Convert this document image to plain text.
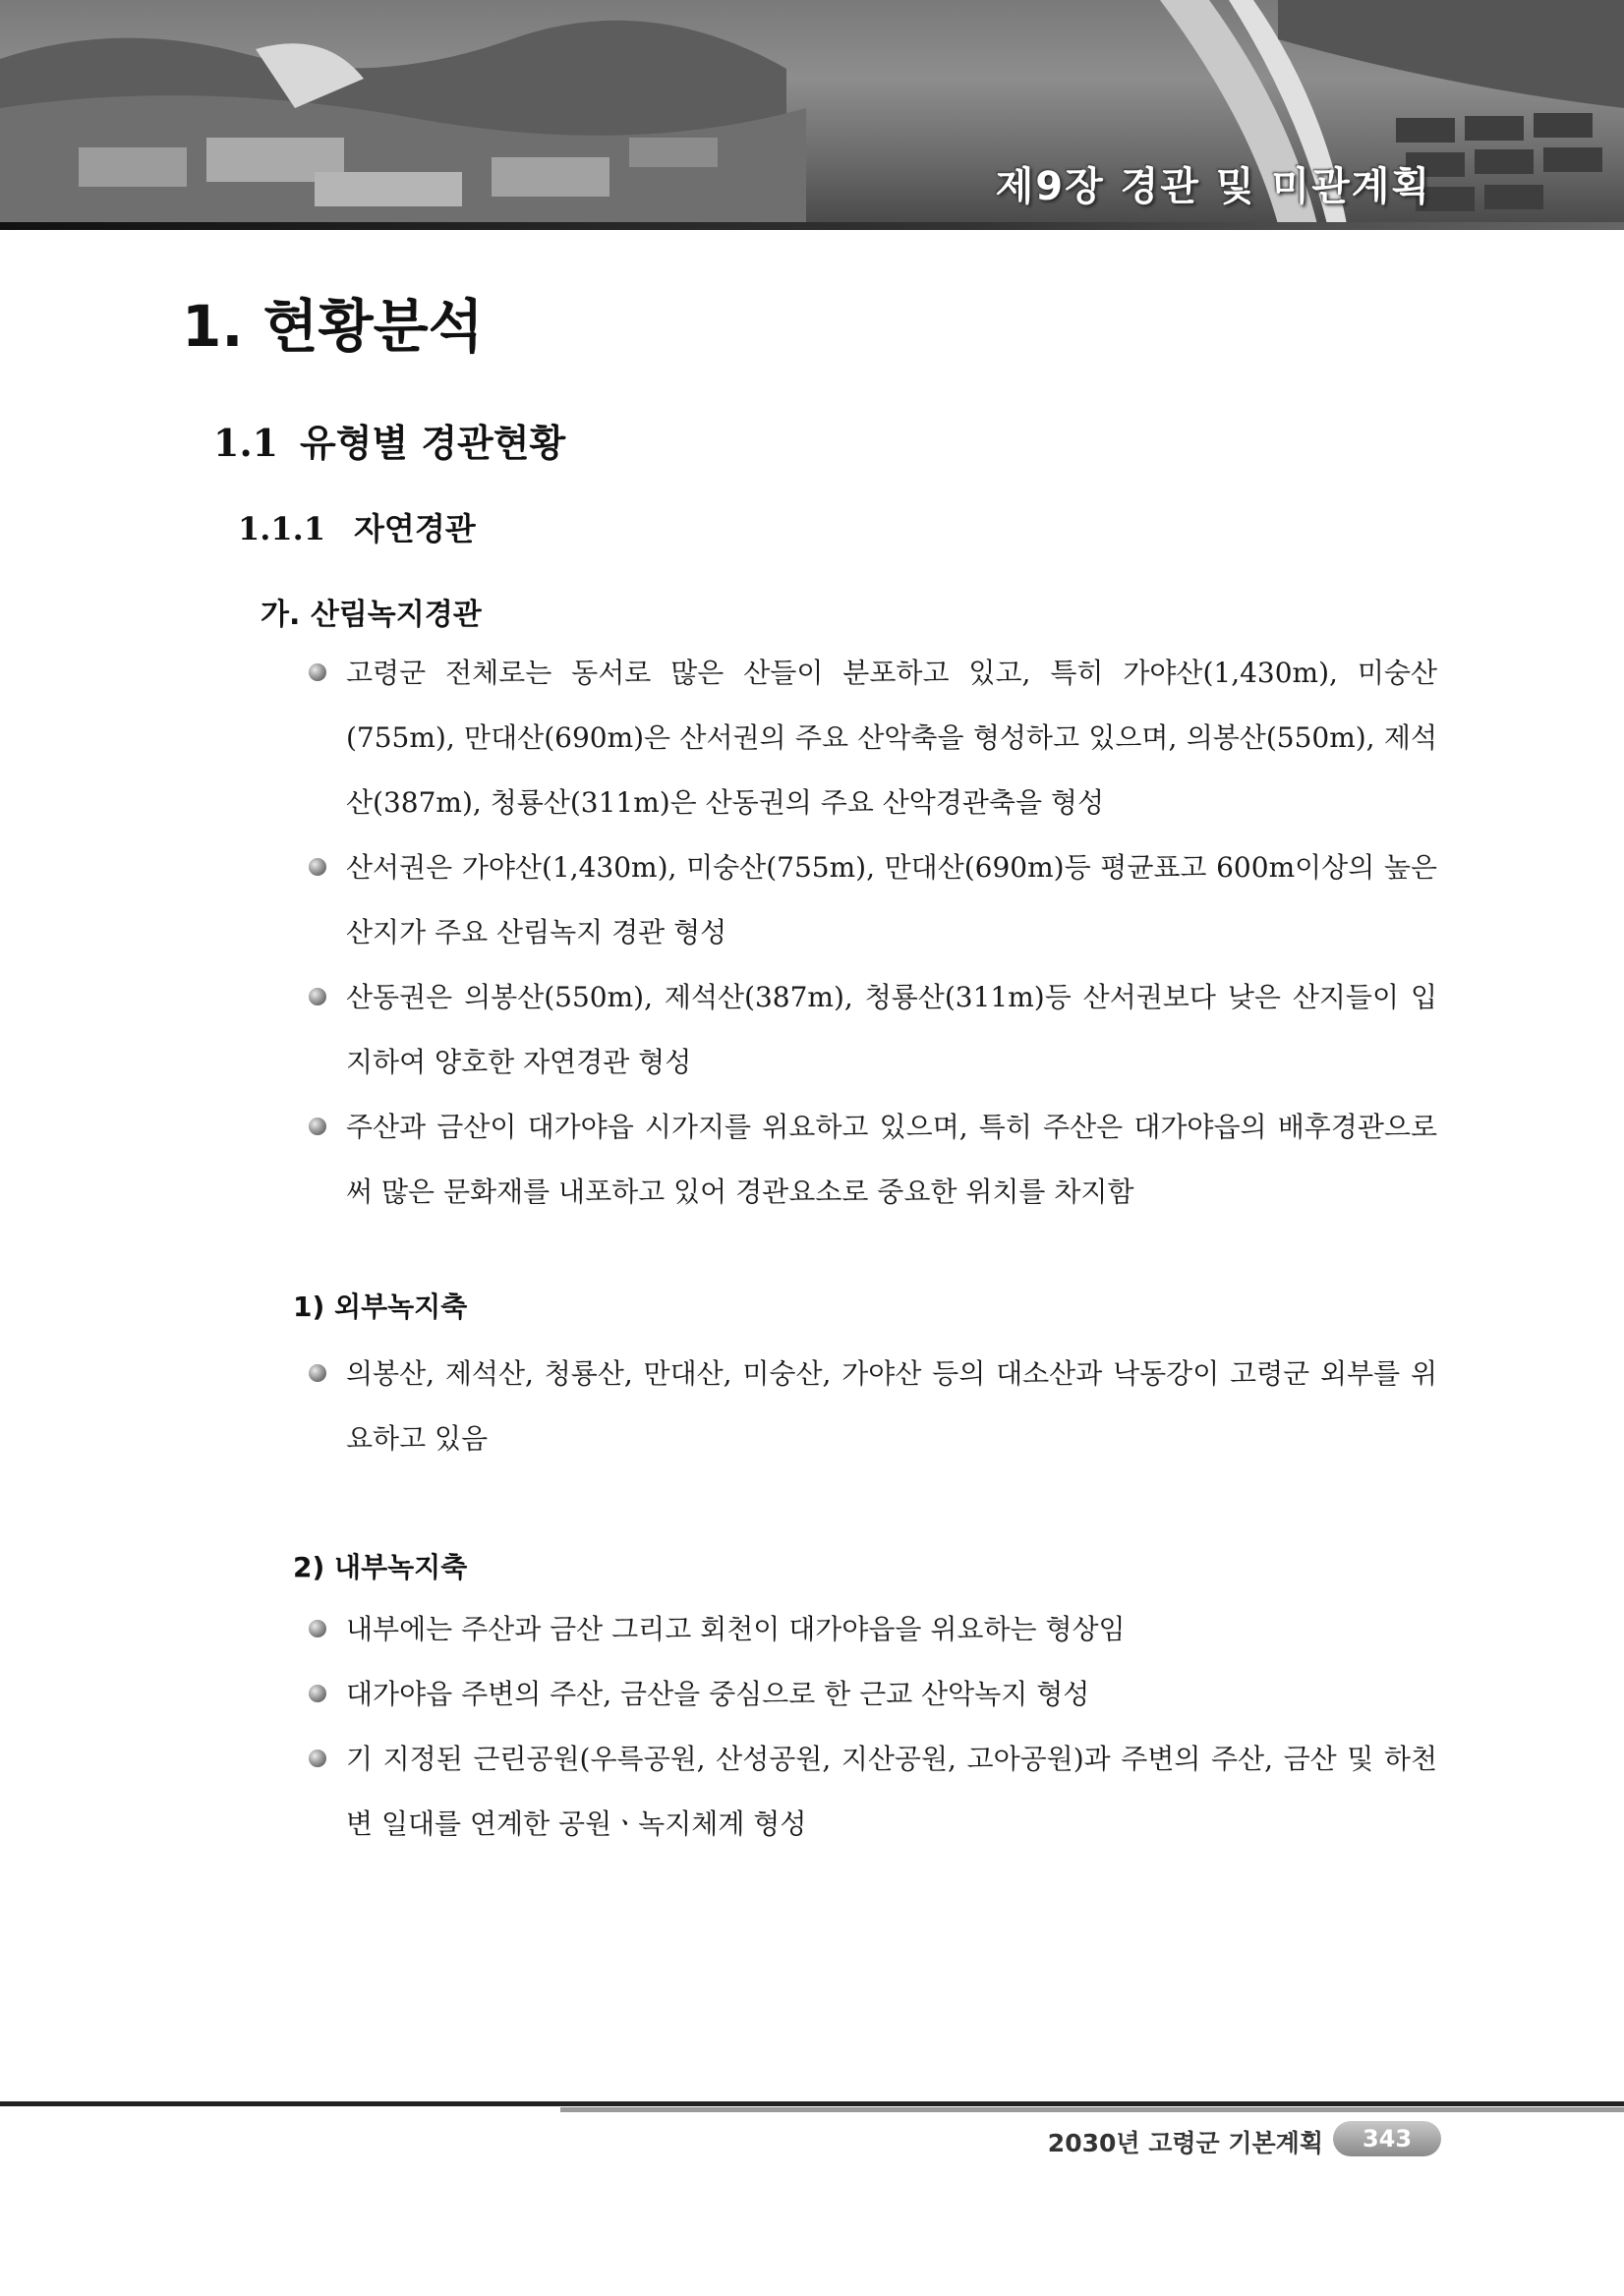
제9장 경관 및 미관계획
1. 현황분석
1.1 유형별 경관현황
1.1.1 자연경관
가. 산림녹지경관
고령군 전체로는 동서로 많은 산들이 분포하고 있고, 특히 가야산(1,430m), 미숭산(755m), 만대산(690m)은 산서권의 주요 산악축을 형성하고 있으며, 의봉산(550m), 제석산(387m), 청룡산(311m)은 산동권의 주요 산악경관축을 형성
산서권은 가야산(1,430m), 미숭산(755m), 만대산(690m)등 평균표고 600m이상의 높은 산지가 주요 산림녹지 경관 형성
산동권은 의봉산(550m), 제석산(387m), 청룡산(311m)등 산서권보다 낮은 산지들이 입지하여 양호한 자연경관 형성
주산과 금산이 대가야읍 시가지를 위요하고 있으며, 특히 주산은 대가야읍의 배후경관으로써 많은 문화재를 내포하고 있어 경관요소로 중요한 위치를 차지함
1) 외부녹지축
의봉산, 제석산, 청룡산, 만대산, 미숭산, 가야산 등의 대소산과 낙동강이 고령군 외부를 위요하고 있음
2) 내부녹지축
내부에는 주산과 금산 그리고 회천이 대가야읍을 위요하는 형상임
대가야읍 주변의 주산, 금산을 중심으로 한 근교 산악녹지 형성
기 지정된 근린공원(우륵공원, 산성공원, 지산공원, 고아공원)과 주변의 주산, 금산 및 하천변 일대를 연계한 공원ㆍ녹지체계 형성
2030년 고령군 기본계획	343
